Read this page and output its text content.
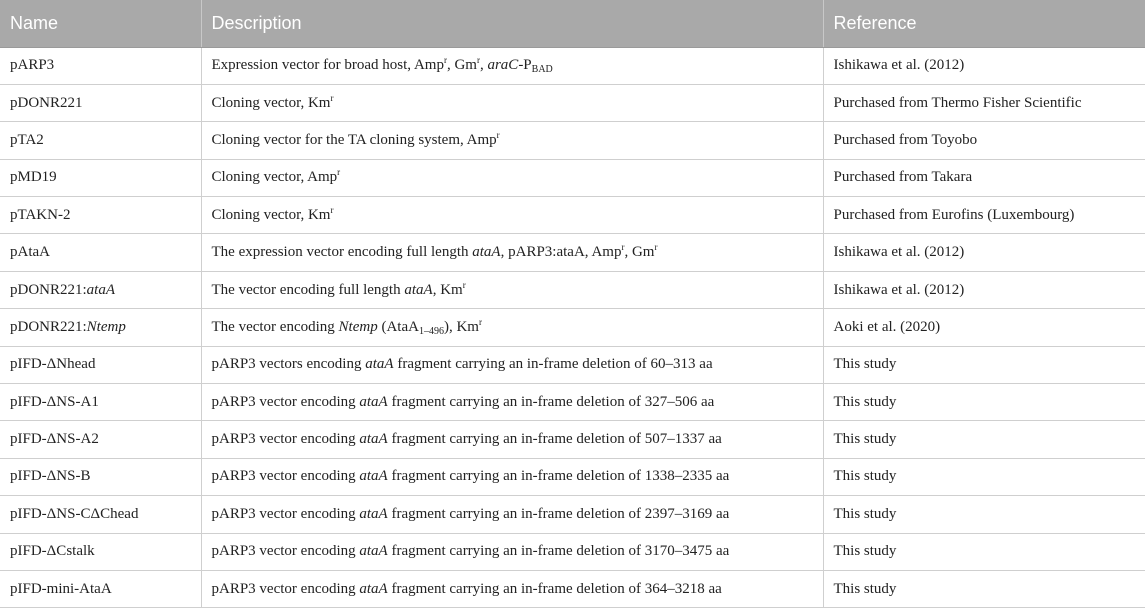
Name	Description	Reference
pARP3	Expression vector for broad host, Amp$^r$, Gm$^r$, araC-$P_{BAD}$	Ishikawa et al. (2012)
pDONR221	Cloning vector, Km$^r$	Purchased from Thermo Fisher Scientific
pTA2	Cloning vector for the TA cloning system, Amp$^r$	Purchased from Toyobo
pMD19	Cloning vector, Amp$^r$	Purchased from Takara
pTAKN-2	Cloning vector, Km$^r$	Purchased from Eurofins (Luxembourg)
pAtaA	The expression vector encoding full length ataA, pARP3:ataA, Amp$^r$, Gm$^r$	Ishikawa et al. (2012)
pDONR221:ataA	The vector encoding full length ataA, Km$^r$	Ishikawa et al. (2012)
pDONR221:Ntemp	The vector encoding Ntemp (AtaA$_{1-496}$), Km$^r$	Aoki et al. (2020)
pIFD-ΔNhead	pARP3 vectors encoding ataA fragment carrying an in-frame deletion of 60–313 aa	This study
pIFD-ΔNS-A1	pARP3 vector encoding ataA fragment carrying an in-frame deletion of 327–506 aa	This study
pIFD-ΔNS-A2	pARP3 vector encoding ataA fragment carrying an in-frame deletion of 507–1337 aa	This study
pIFD-ΔNS-B	pARP3 vector encoding ataA fragment carrying an in-frame deletion of 1338–2335 aa	This study
pIFD-ΔNS-CΔChead	pARP3 vector encoding ataA fragment carrying an in-frame deletion of 2397–3169 aa	This study
pIFD-ΔCstalk	pARP3 vector encoding ataA fragment carrying an in-frame deletion of 3170–3475 aa	This study
pIFD-mini-AtaA	pARP3 vector encoding ataA fragment carrying an in-frame deletion of 364–3218 aa	This study
